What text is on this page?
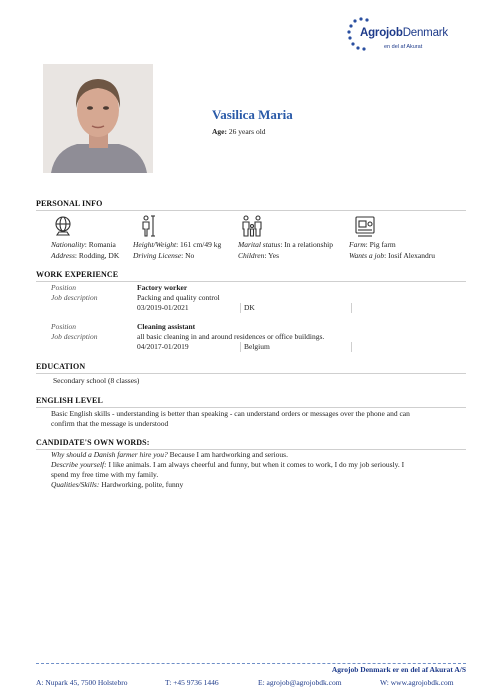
AgrojobDenmark
en del af Akurat
Vasilica Maria
Age: 26 years old
PERSONAL INFO
Nationality: Romania
Address: Rodding, DK
Height/Weight: 161 cm/49 kg
Driving License: No
Marital status: In a relationship
Children: Yes
Farm: Pig farm
Wants a job: Iosif Alexandru
WORK EXPERIENCE
Position	Factory worker
Job description	Packing and quality control
03/2019-01/2021	DK
Position	Cleaning assistant
Job description	all basic cleaning in and around residences or office buildings.
04/2017-01/2019	Belgium
EDUCATION
Secondary school (8 classes)
ENGLISH LEVEL
Basic English skills - understanding is better than speaking - can understand orders or messages over the phone and can
confirm that the message is understood
CANDIDATE'S OWN WORDS:
Why should a Danish farmer hire you? Because I am hardworking and serious.
Describe yourself: I like animals. I am always cheerful and funny, but when it comes to work, I do my job seriously. I
spend my free time with my family.
Qualities/Skills: Hardworking, polite, funny
Agrojob Denmark er en del af Akurat A/S
A: Nupark 45, 7500 Holstebro	T: +45 9736 1446	E: agrojob@agrojobdk.com	W: www.agrojobdk.com
